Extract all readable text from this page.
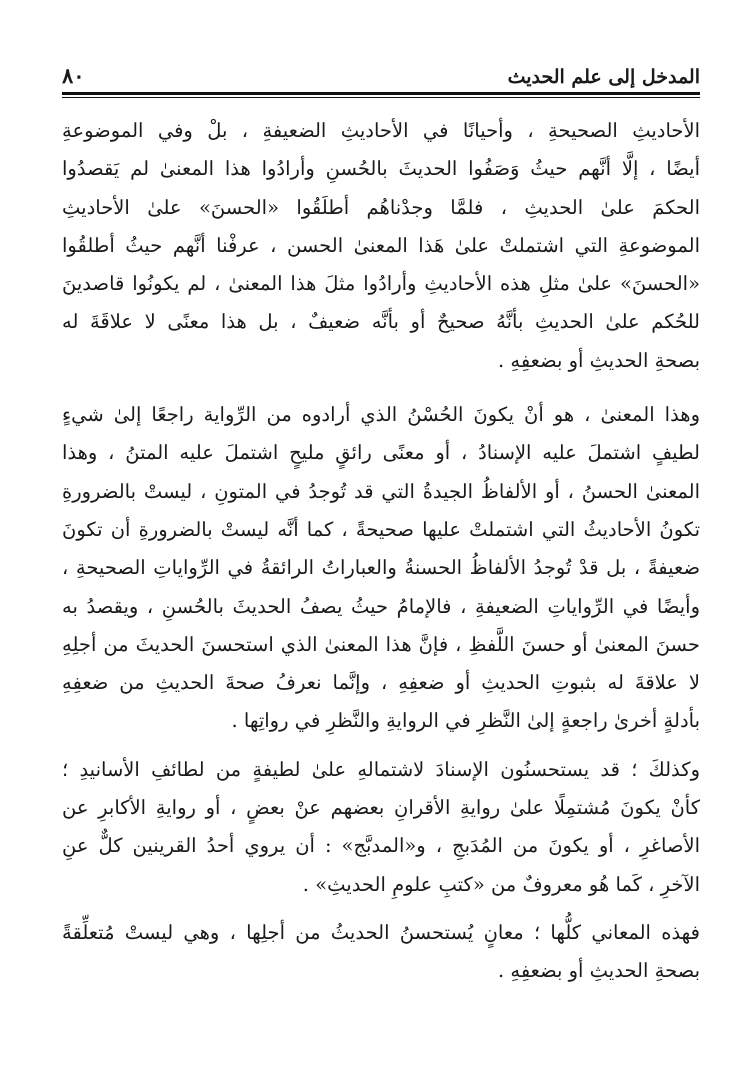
المدخل إلى علم الحديث
٨٠
الأحاديثِ الصحيحةِ ، وأحيانًا في الأحاديثِ الضعيفةِ ، بلْ وفي الموضوعةِ
أيضًا ، إلَّا أنَّهم حيثُ وَصَفُوا الحديثَ بالحُسنِ وأرادُوا هذا المعنىٰ لم يَقصدُوا
الحكمَ علىٰ الحديثِ ، فلمَّا وجدْناهُم أطلَقُوا «الحسنَ» علىٰ الأحاديثِ
الموضوعةِ التي اشتملتْ علىٰ هَذا المعنىٰ الحسن ، عرفْنا أنَّهم حيثُ أطلقُوا
«الحسنَ» علىٰ مثلِ هذه الأحاديثِ وأرادُوا مثلَ هذا المعنىٰ ، لم يكونُوا قاصدينَ
للحُكم علىٰ الحديثِ بأنَّهُ صحيحٌ أو بأنَّه ضعيفٌ ، بل هذا معنًى لا علاقَةَ له
بصحةِ الحديثِ أو بضعفِهِ .
وهذا المعنىٰ ، هو أنْ يكونَ الحُسْنُ الذي أرادوه من الرِّواية راجعًا إلىٰ شيءٍ
لطيفٍ اشتملَ عليه الإسنادُ ، أو معنًى رائقٍ مليحٍ اشتملَ عليه المتنُ ، وهذا
المعنىٰ الحسنُ ، أو الألفاظُ الجيدةُ التي قد تُوجدُ في المتونِ ، ليستْ بالضرورةِ
تكونُ الأحاديثُ التي اشتملتْ عليها صحيحةً ، كما أنَّه ليستْ بالضرورةِ أن تكونَ
ضعيفةً ، بل قدْ تُوجدُ الألفاظُ الحسنةُ والعباراتُ الرائقةُ في الرِّواياتِ الصحيحةِ ،
وأيضًا في الرِّواياتِ الضعيفةِ ، فالإمامُ حيثُ يصفُ الحديثَ بالحُسنِ ، ويقصدُ به
حسنَ المعنىٰ أو حسنَ اللَّفظِ ، فإنَّ هذا المعنىٰ الذي استحسنَ الحديثَ من أجلِهِ
لا علاقةَ له بثبوتِ الحديثِ أو ضعفِهِ ، وإنَّما نعرفُ صحةَ الحديثِ من ضعفِهِ
بأدلةٍ أخرىٰ راجعةٍ إلىٰ النَّظرِ في الروايةِ والنَّظرِ في رواتِها .
وكذلكَ ؛ قد يستحسنُون الإسنادَ لاشتمالهِ علىٰ لطيفةٍ من لطائفِ الأسانيدِ ؛
كأنْ يكونَ مُشتمِلًا علىٰ روايةِ الأقرانِ بعضهم عنْ بعضٍ ، أو روايةِ الأكابرِ عن
الأصاغرِ ، أو يكونَ من المُدَبجِ ، و«المدبَّج» : أن يروي أحدُ القرينين كلٌّ عنِ
الآخرِ ، كَما هُو معروفٌ من «كتبِ علومِ الحديثِ» .
فهذه المعاني كلُّها ؛ معانٍ يُستحسنُ الحديثُ من أجلِها ، وهي ليستْ مُتعلِّقةً
بصحةِ الحديثِ أو بضعفِهِ .
